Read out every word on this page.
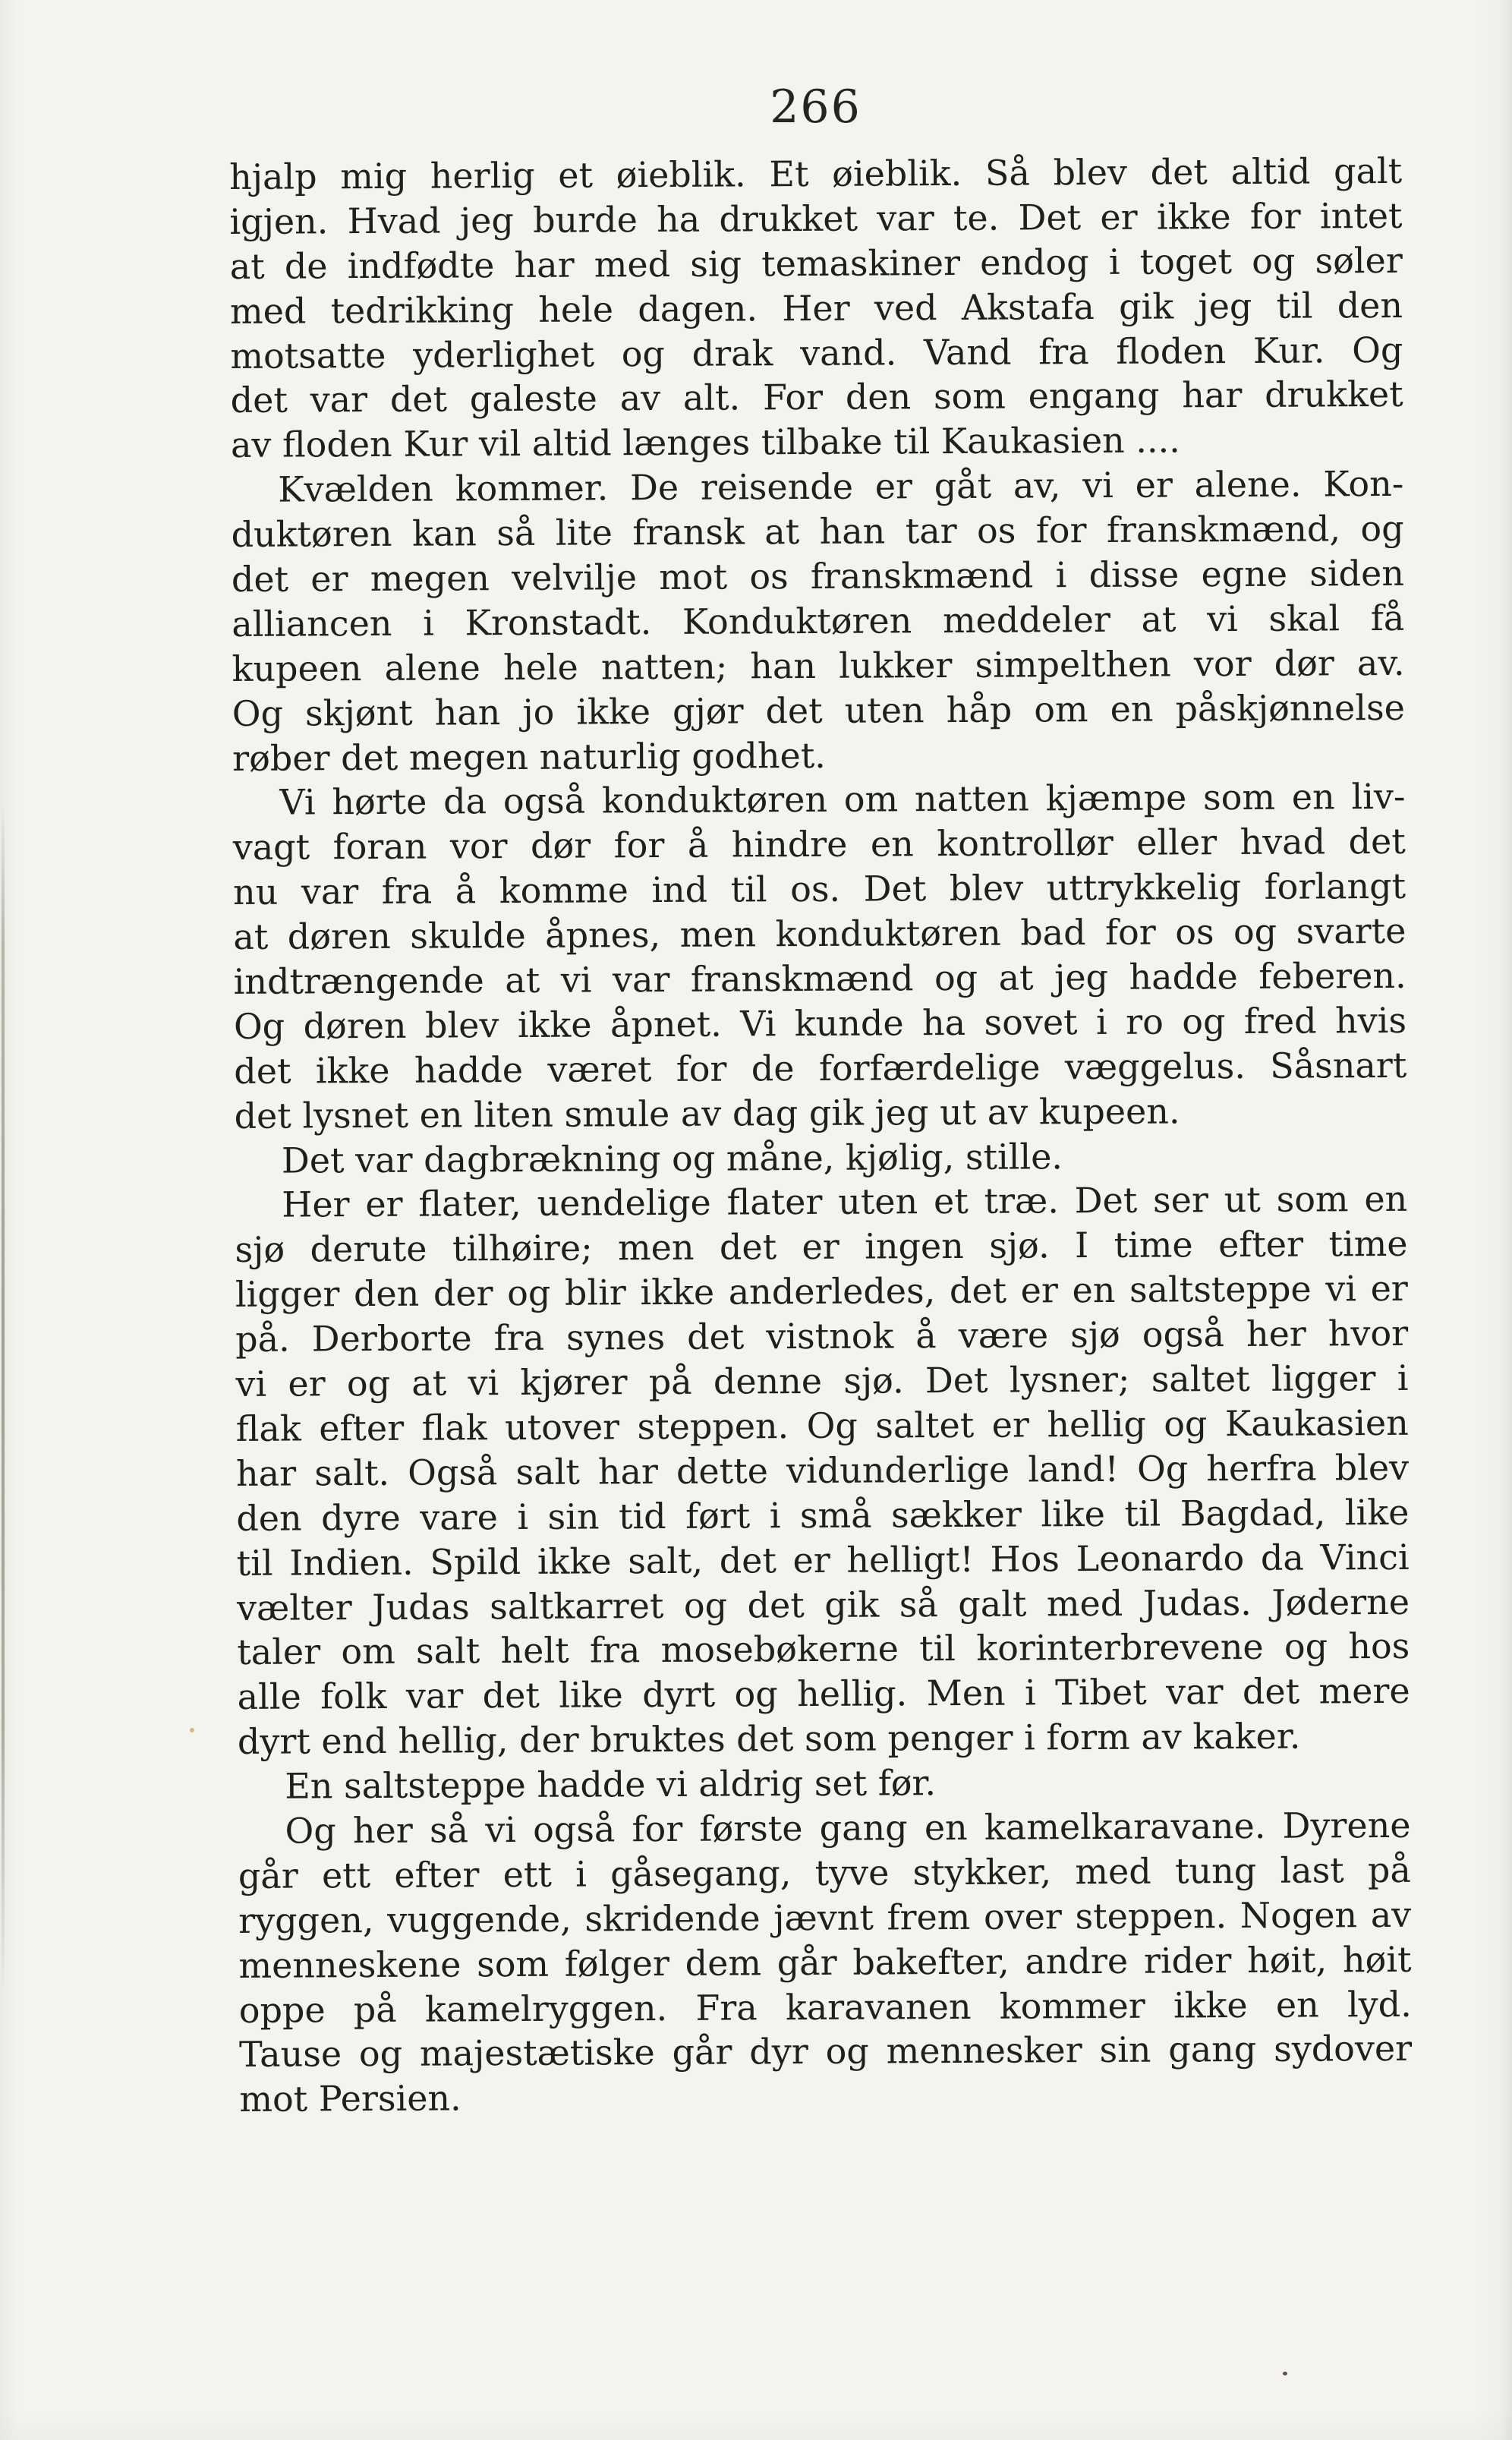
266
hjalp mig herlig et øieblik. Et øieblik. Så blev det altid galt
igjen. Hvad jeg burde ha drukket var te. Det er ikke for intet
at de indfødte har med sig temaskiner endog i toget og søler
med tedrikking hele dagen. Her ved Akstafa gik jeg til den
motsatte yderlighet og drak vand. Vand fra floden Kur. Og
det var det galeste av alt. For den som engang har drukket
av floden Kur vil altid længes tilbake til Kaukasien ....
Kvælden kommer. De reisende er gåt av, vi er alene. Kon-
duktøren kan så lite fransk at han tar os for franskmænd, og
det er megen velvilje mot os franskmænd i disse egne siden
alliancen i Kronstadt. Konduktøren meddeler at vi skal få
kupeen alene hele natten; han lukker simpelthen vor dør av.
Og skjønt han jo ikke gjør det uten håp om en påskjønnelse
røber det megen naturlig godhet.
Vi hørte da også konduktøren om natten kjæmpe som en liv-
vagt foran vor dør for å hindre en kontrollør eller hvad det
nu var fra å komme ind til os. Det blev uttrykkelig forlangt
at døren skulde åpnes, men konduktøren bad for os og svarte
indtrængende at vi var franskmænd og at jeg hadde feberen.
Og døren blev ikke åpnet. Vi kunde ha sovet i ro og fred hvis
det ikke hadde været for de forfærdelige væggelus. Såsnart
det lysnet en liten smule av dag gik jeg ut av kupeen.
Det var dagbrækning og måne, kjølig, stille.
Her er flater, uendelige flater uten et træ. Det ser ut som en
sjø derute tilhøire; men det er ingen sjø. I time efter time
ligger den der og blir ikke anderledes, det er en saltsteppe vi er
på. Derborte fra synes det vistnok å være sjø også her hvor
vi er og at vi kjører på denne sjø. Det lysner; saltet ligger i
flak efter flak utover steppen. Og saltet er hellig og Kaukasien
har salt. Også salt har dette vidunderlige land! Og herfra blev
den dyre vare i sin tid ført i små sækker like til Bagdad, like
til Indien. Spild ikke salt, det er helligt! Hos Leonardo da Vinci
vælter Judas saltkarret og det gik så galt med Judas. Jøderne
taler om salt helt fra mosebøkerne til korinterbrevene og hos
alle folk var det like dyrt og hellig. Men i Tibet var det mere
dyrt end hellig, der bruktes det som penger i form av kaker.
En saltsteppe hadde vi aldrig set før.
Og her så vi også for første gang en kamelkaravane. Dyrene
går ett efter ett i gåsegang, tyve stykker, med tung last på
ryggen, vuggende, skridende jævnt frem over steppen. Nogen av
menneskene som følger dem går bakefter, andre rider høit, høit
oppe på kamelryggen. Fra karavanen kommer ikke en lyd.
Tause og majestætiske går dyr og mennesker sin gang sydover
mot Persien.
